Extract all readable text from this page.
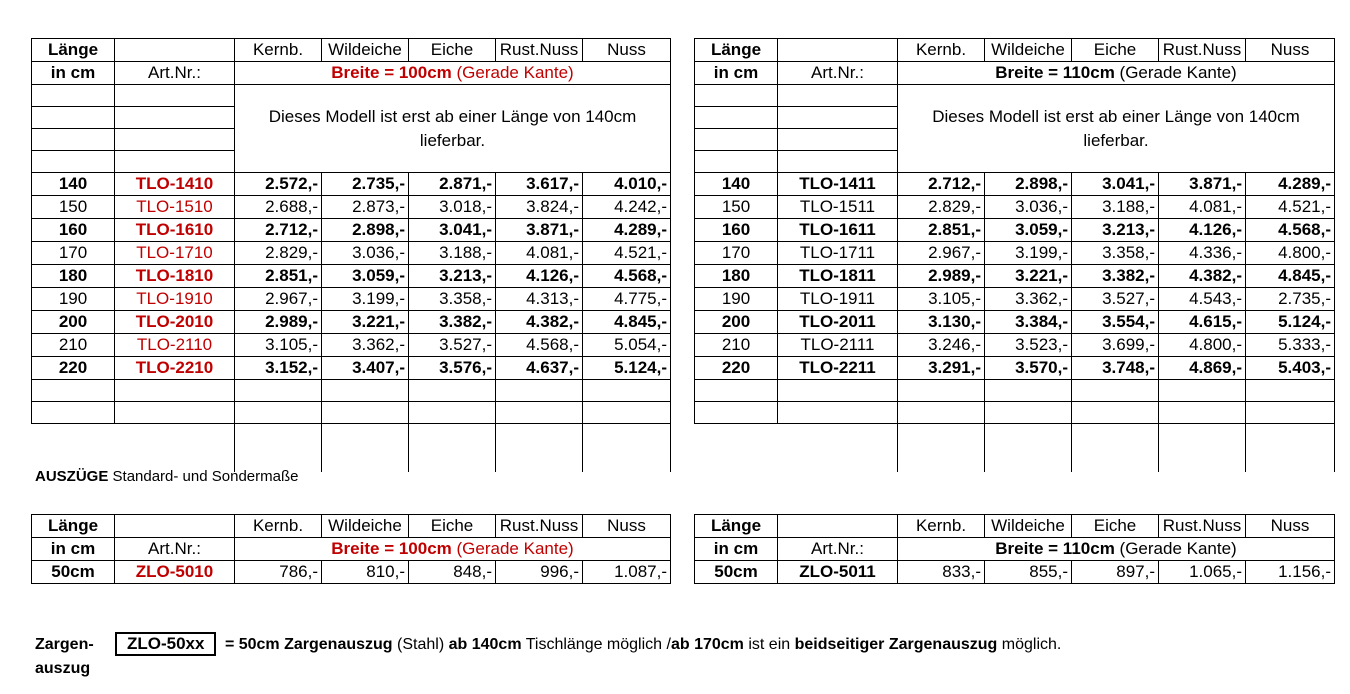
Länge		Kernb.	Wildeiche	Eiche	Rust.Nuss	Nuss
in cm	Art.Nr.:	Breite = 100cm (Gerade Kante)				
		Dieses Modell ist erst ab einer Länge von 140cm lieferbar.				

140	TLO-1410	2.572,-	2.735,-	2.871,-	3.617,-	4.010,-
150	TLO-1510	2.688,-	2.873,-	3.018,-	3.824,-	4.242,-
160	TLO-1610	2.712,-	2.898,-	3.041,-	3.871,-	4.289,-
170	TLO-1710	2.829,-	3.036,-	3.188,-	4.081,-	4.521,-
180	TLO-1810	2.851,-	3.059,-	3.213,-	4.126,-	4.568,-
190	TLO-1910	2.967,-	3.199,-	3.358,-	4.313,-	4.775,-
200	TLO-2010	2.989,-	3.221,-	3.382,-	4.382,-	4.845,-
210	TLO-2110	3.105,-	3.362,-	3.527,-	4.568,-	5.054,-
220	TLO-2210	3.152,-	3.407,-	3.576,-	4.637,-	5.124,-

Länge		Kernb.	Wildeiche	Eiche	Rust.Nuss	Nuss
in cm	Art.Nr.:	Breite = 110cm (Gerade Kante)				
		Dieses Modell ist erst ab einer Länge von 140cm lieferbar.				

140	TLO-1411	2.712,-	2.898,-	3.041,-	3.871,-	4.289,-
150	TLO-1511	2.829,-	3.036,-	3.188,-	4.081,-	4.521,-
160	TLO-1611	2.851,-	3.059,-	3.213,-	4.126,-	4.568,-
170	TLO-1711	2.967,-	3.199,-	3.358,-	4.336,-	4.800,-
180	TLO-1811	2.989,-	3.221,-	3.382,-	4.382,-	4.845,-
190	TLO-1911	3.105,-	3.362,-	3.527,-	4.543,-	2.735,-
200	TLO-2011	3.130,-	3.384,-	3.554,-	4.615,-	5.124,-
210	TLO-2111	3.246,-	3.523,-	3.699,-	4.800,-	5.333,-
220	TLO-2211	3.291,-	3.570,-	3.748,-	4.869,-	5.403,-

AUSZÜGE Standard- und Sondermaße
Länge		Kernb.	Wildeiche	Eiche	Rust.Nuss	Nuss
in cm	Art.Nr.:	Breite = 100cm (Gerade Kante)				
50cm	ZLO-5010	786,-	810,-	848,-	996,-	1.087,-
Länge		Kernb.	Wildeiche	Eiche	Rust.Nuss	Nuss
in cm	Art.Nr.:	Breite = 110cm (Gerade Kante)				
50cm	ZLO-5011	833,-	855,-	897,-	1.065,-	1.156,-
Zargen- ZLO-50xx = 50cm Zargenauszug (Stahl) ab 140cm Tischlänge möglich /ab 170cm ist ein beidseitiger Zargenauszug möglich.
auszug
